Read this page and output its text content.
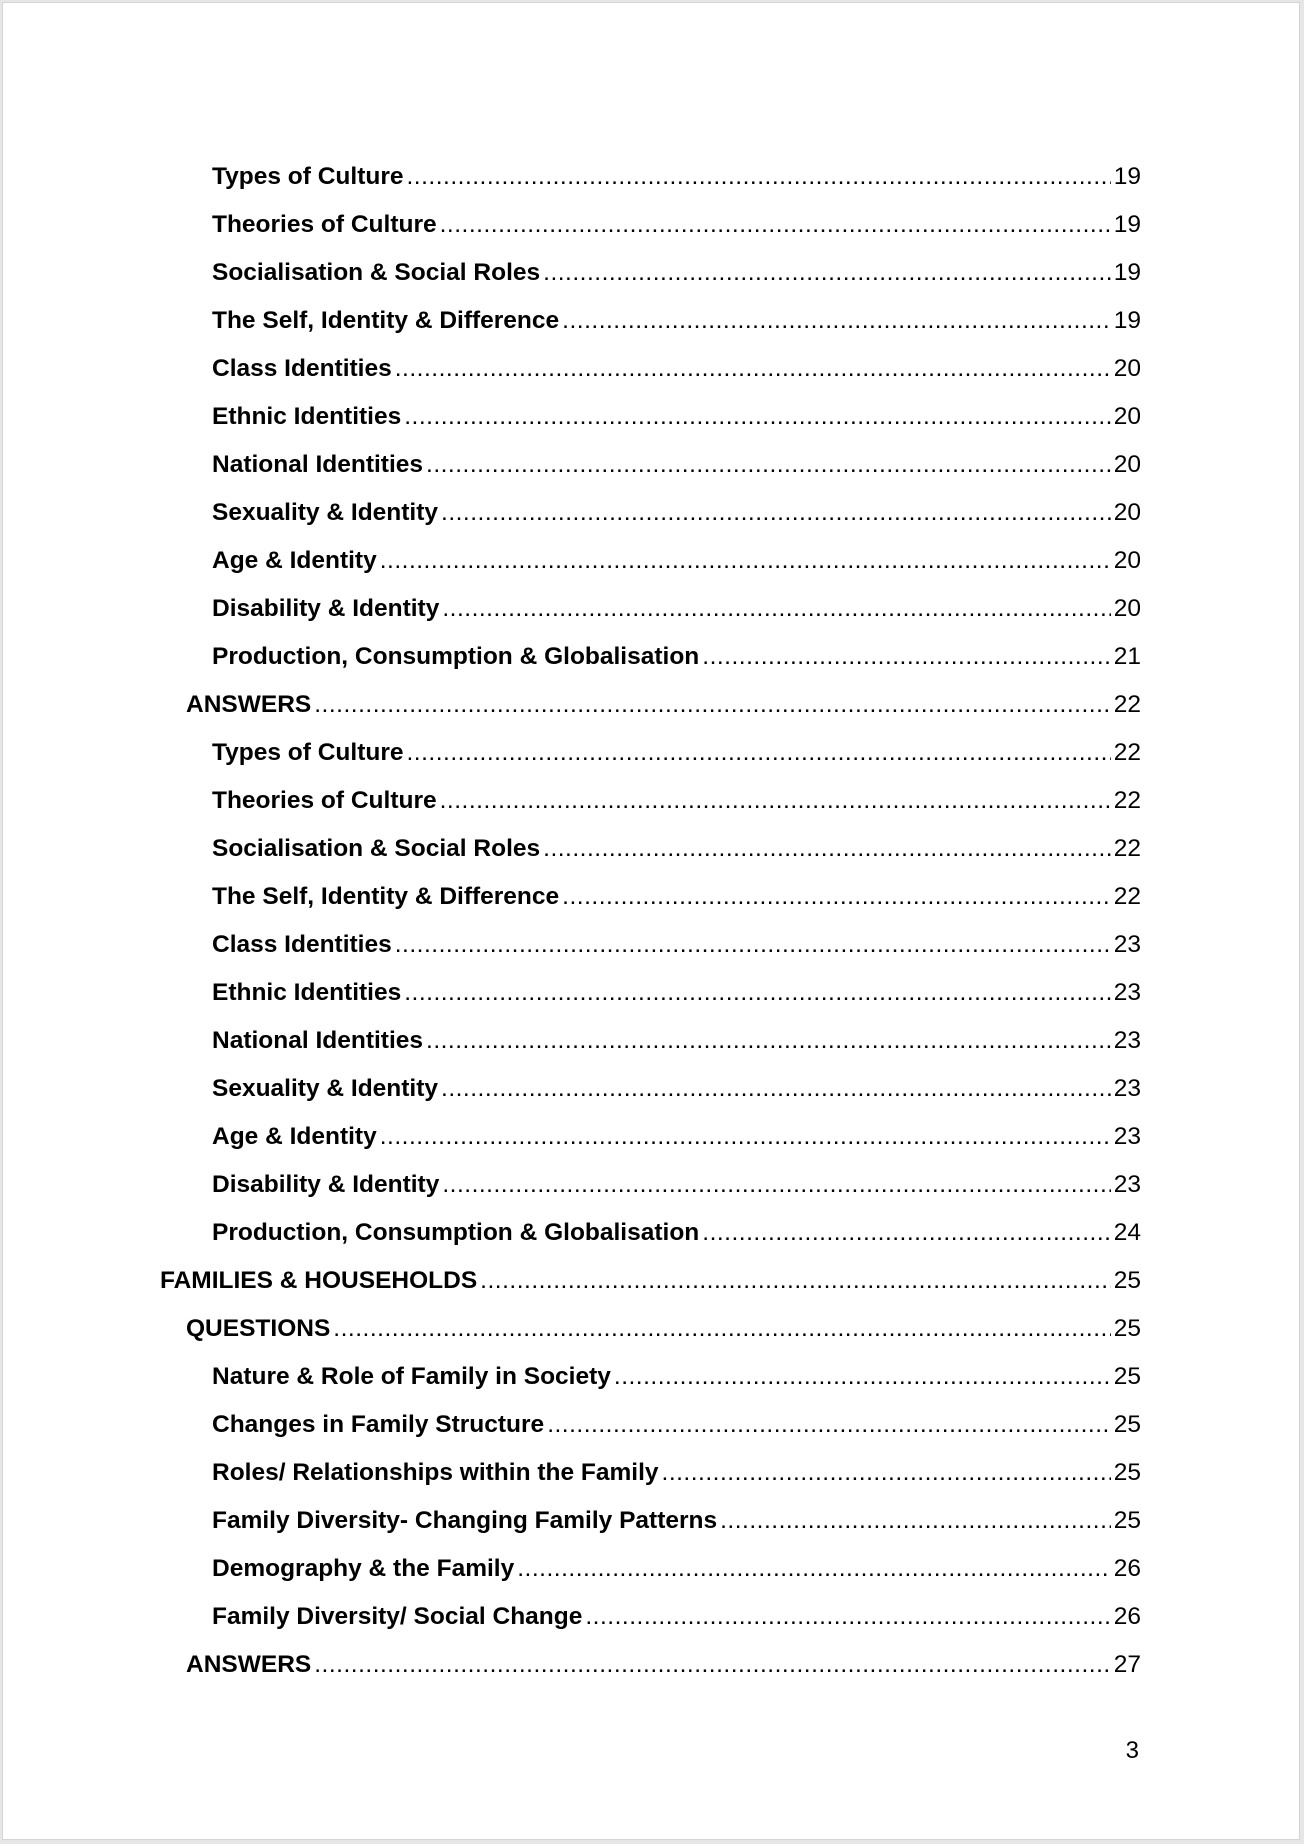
Types of Culture .....	19
Theories of Culture .....	19
Socialisation & Social Roles .....	19
The Self, Identity & Difference .....	19
Class Identities .....	20
Ethnic Identities .....	20
National Identities .....	20
Sexuality & Identity .....	20
Age & Identity .....	20
Disability & Identity .....	20
Production, Consumption & Globalisation .....	21
ANSWERS .....	22
Types of Culture .....	22
Theories of Culture .....	22
Socialisation & Social Roles .....	22
The Self, Identity & Difference .....	22
Class Identities .....	23
Ethnic Identities .....	23
National Identities .....	23
Sexuality & Identity .....	23
Age & Identity .....	23
Disability & Identity .....	23
Production, Consumption & Globalisation .....	24
FAMILIES & HOUSEHOLDS .....	25
QUESTIONS .....	25
Nature & Role of Family in Society .....	25
Changes in Family Structure .....	25
Roles/ Relationships within the Family .....	25
Family Diversity- Changing Family Patterns .....	25
Demography & the Family .....	26
Family Diversity/ Social Change .....	26
ANSWERS .....	27
3
